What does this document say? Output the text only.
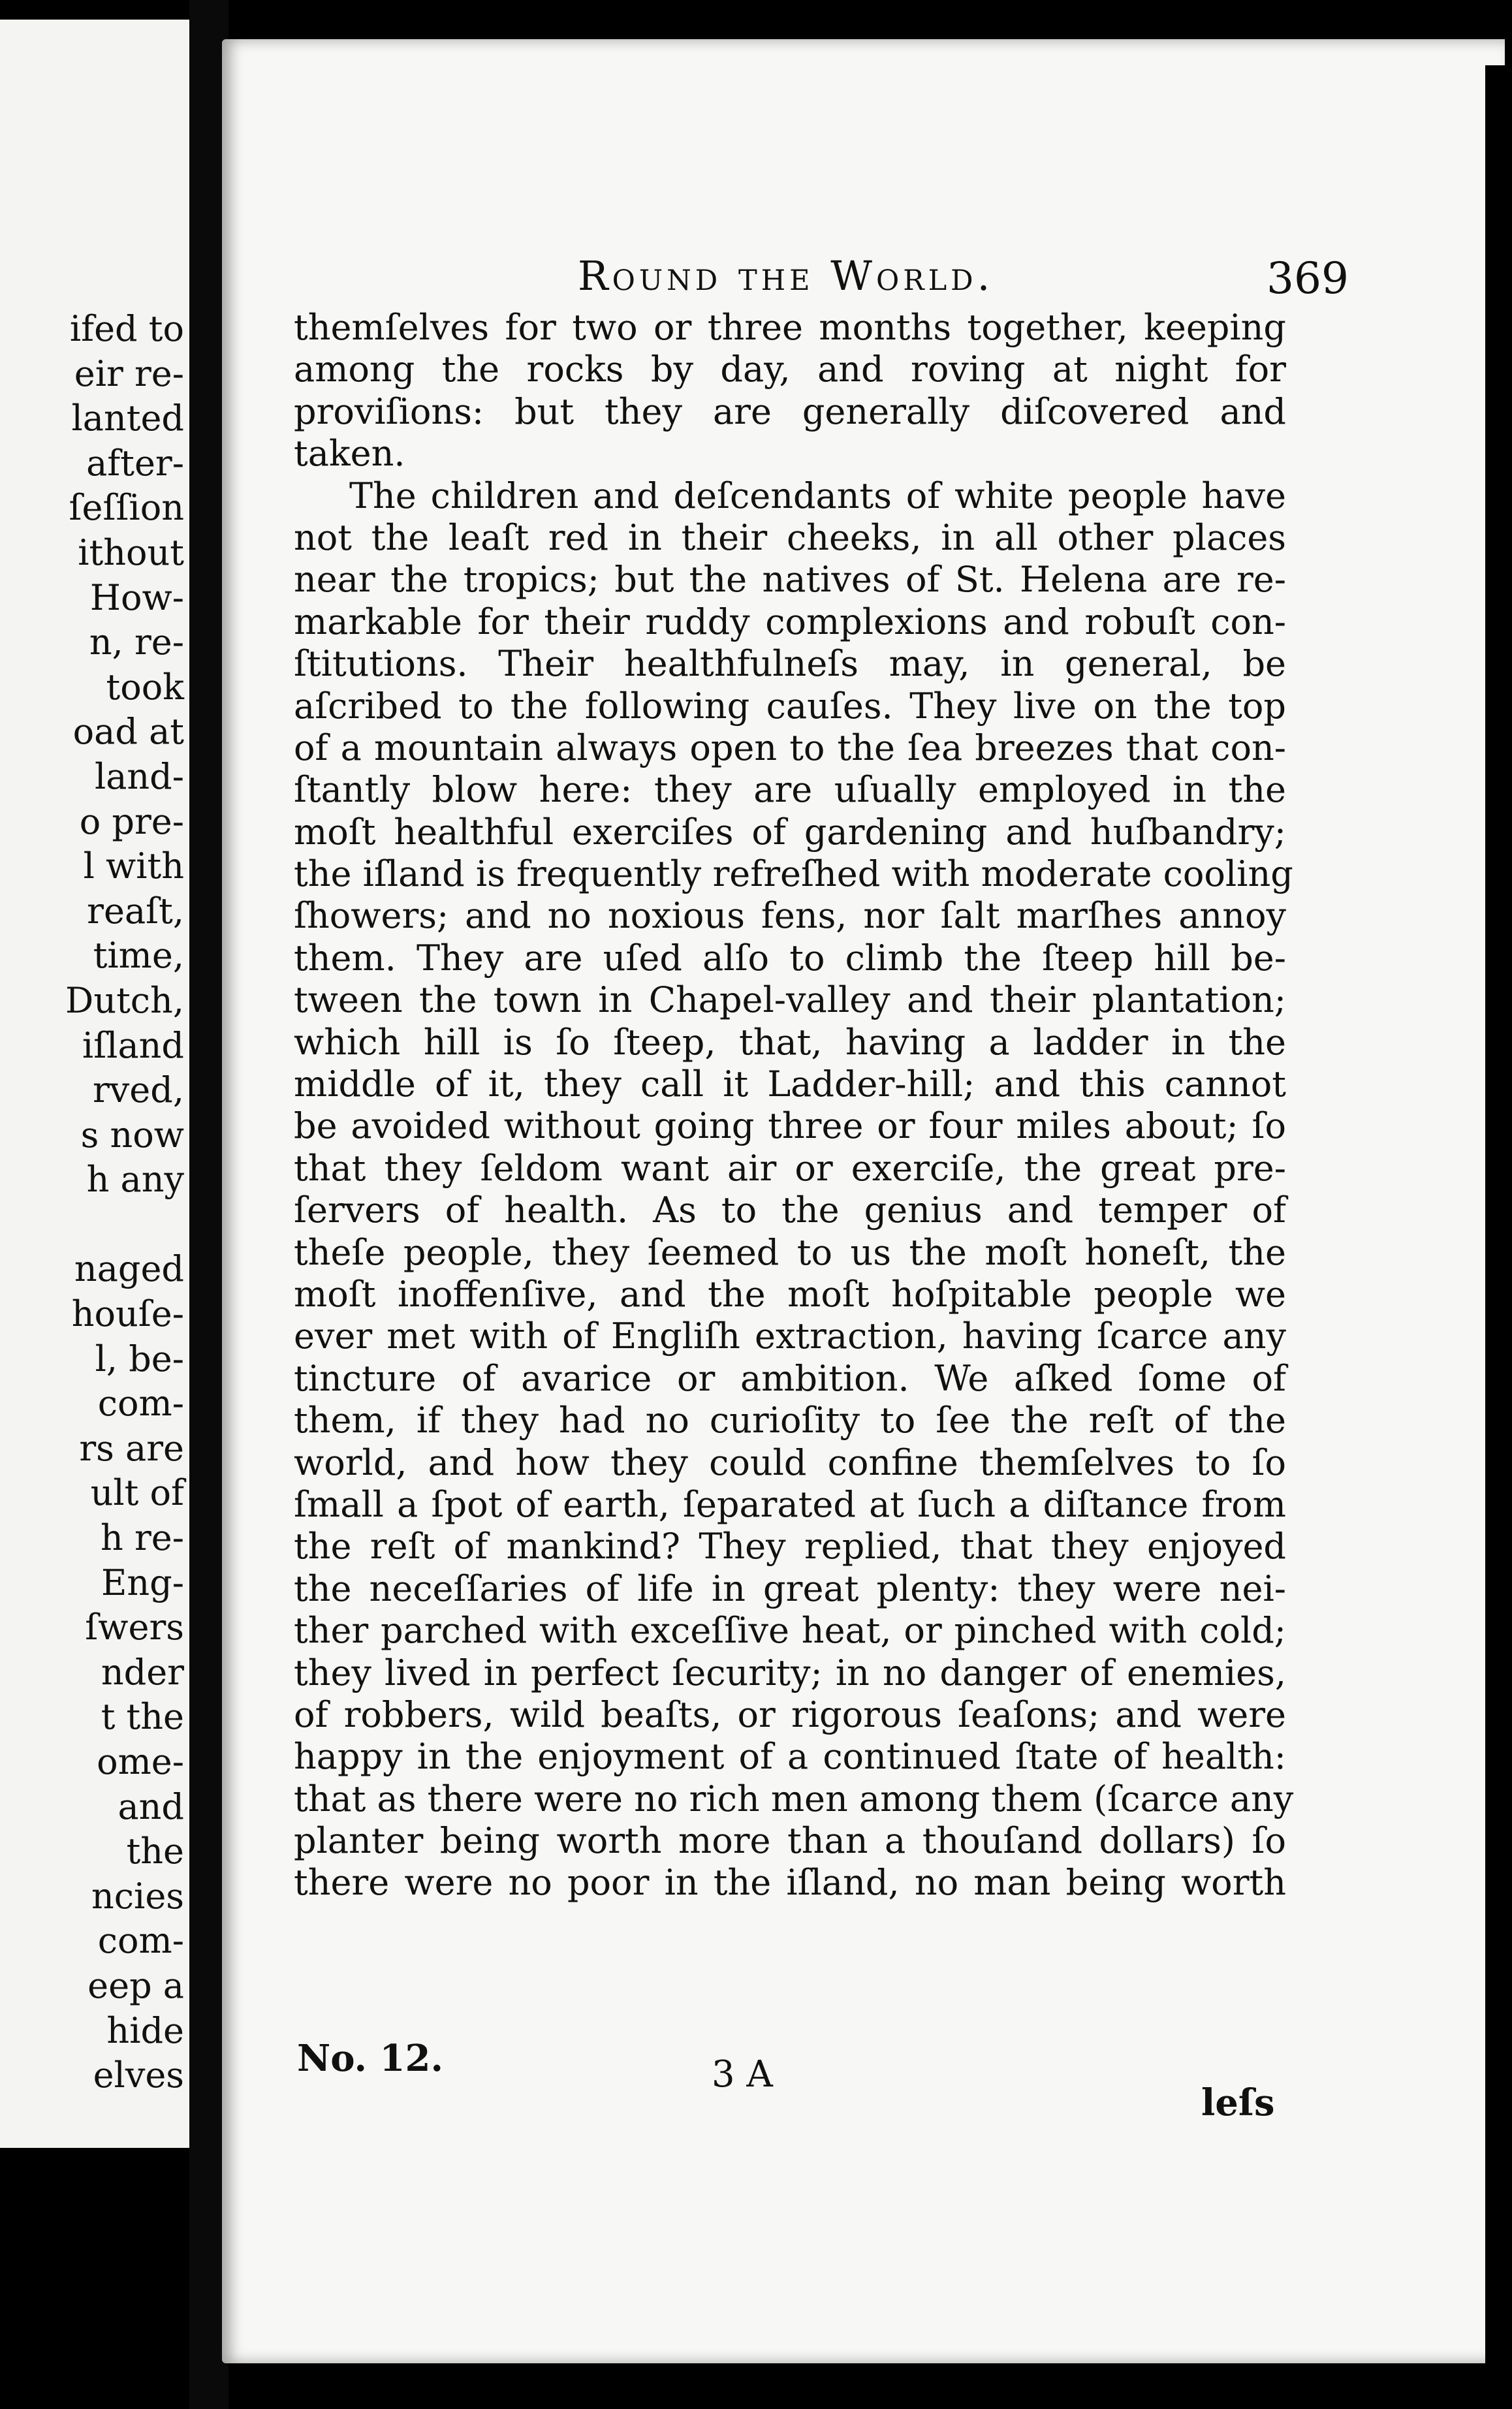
ifed to
eir re-
lanted
after-
ſeſſion
ithout
How-
n, re-
took
oad at
land-
o pre-
l with
reaſt,
time,
Dutch,
iſland
rved,
s now
h any
naged
houſe-
l, be-
com-
rs are
ult of
h re-
Eng-
ſwers
nder
t the
ome-
and
the
ncies
com-
eep a
hide
elves
Round the World.	369
themſelves for two or three months together, keeping
among the rocks by day, and roving at night for
proviſions: but they are generally diſcovered and
taken.
The children and deſcendants of white people have
not the leaſt red in their cheeks, in all other places
near the tropics; but the natives of St. Helena are re-
markable for their ruddy complexions and robuſt con-
ſtitutions. Their healthfulneſs may, in general, be
aſcribed to the following cauſes. They live on the top
of a mountain always open to the ſea breezes that con-
ſtantly blow here: they are uſually employed in the
moſt healthful exerciſes of gardening and huſbandry;
the iſland is frequently refreſhed with moderate cooling
ſhowers; and no noxious fens, nor ſalt marſhes annoy
them. They are uſed alſo to climb the ſteep hill be-
tween the town in Chapel-valley and their plantation;
which hill is ſo ſteep, that, having a ladder in the
middle of it, they call it Ladder-hill; and this cannot
be avoided without going three or four miles about; ſo
that they ſeldom want air or exerciſe, the great pre-
ſervers of health. As to the genius and temper of
theſe people, they ſeemed to us the moſt honeſt, the
moſt inoffenſive, and the moſt hoſpitable people we
ever met with of Engliſh extraction, having ſcarce any
tincture of avarice or ambition. We aſked ſome of
them, if they had no curioſity to ſee the reſt of the
world, and how they could confine themſelves to ſo
ſmall a ſpot of earth, ſeparated at ſuch a diſtance from
the reſt of mankind? They replied, that they enjoyed
the neceſſaries of life in great plenty: they were nei-
ther parched with exceſſive heat, or pinched with cold;
they lived in perfect ſecurity; in no danger of enemies,
of robbers, wild beaſts, or rigorous ſeaſons; and were
happy in the enjoyment of a continued ſtate of health:
that as there were no rich men among them (ſcarce any
planter being worth more than a thouſand dollars) ſo
there were no poor in the iſland, no man being worth
No. 12.	3 A
leſs
